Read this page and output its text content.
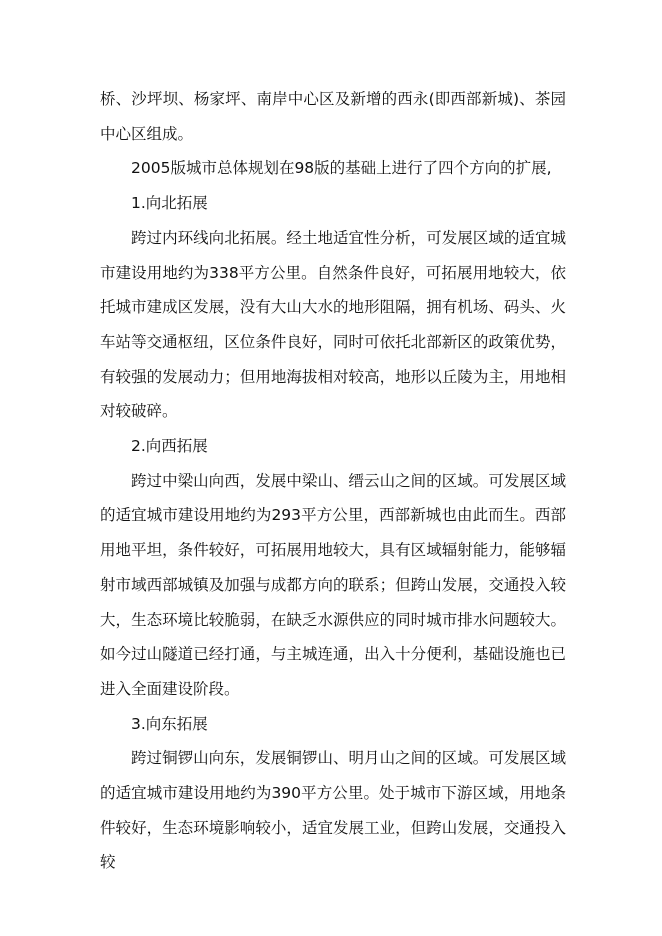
桥、沙坪坝、杨家坪、南岸中心区及新增的西永(即西部新城)、茶园中心区组成。

2005版城市总体规划在98版的基础上进行了四个方向的扩展,

1.向北拓展

跨过内环线向北拓展。经土地适宜性分析，可发展区域的适宜城市建设用地约为338平方公里。自然条件良好，可拓展用地较大，依托城市建成区发展，没有大山大水的地形阻隔，拥有机场、码头、火车站等交通枢纽，区位条件良好，同时可依托北部新区的政策优势，有较强的发展动力；但用地海拔相对较高，地形以丘陵为主，用地相对较破碎。

2.向西拓展

跨过中梁山向西，发展中梁山、缙云山之间的区域。可发展区域的适宜城市建设用地约为293平方公里，西部新城也由此而生。西部用地平坦，条件较好，可拓展用地较大，具有区域辐射能力，能够辐射市域西部城镇及加强与成都方向的联系；但跨山发展，交通投入较大，生态环境比较脆弱，在缺乏水源供应的同时城市排水问题较大。如今过山隧道已经打通，与主城连通，出入十分便利，基础设施也已进入全面建设阶段。

3.向东拓展

跨过铜锣山向东，发展铜锣山、明月山之间的区域。可发展区域的适宜城市建设用地约为390平方公里。处于城市下游区域，用地条件较好，生态环境影响较小，适宜发展工业，但跨山发展，交通投入较
